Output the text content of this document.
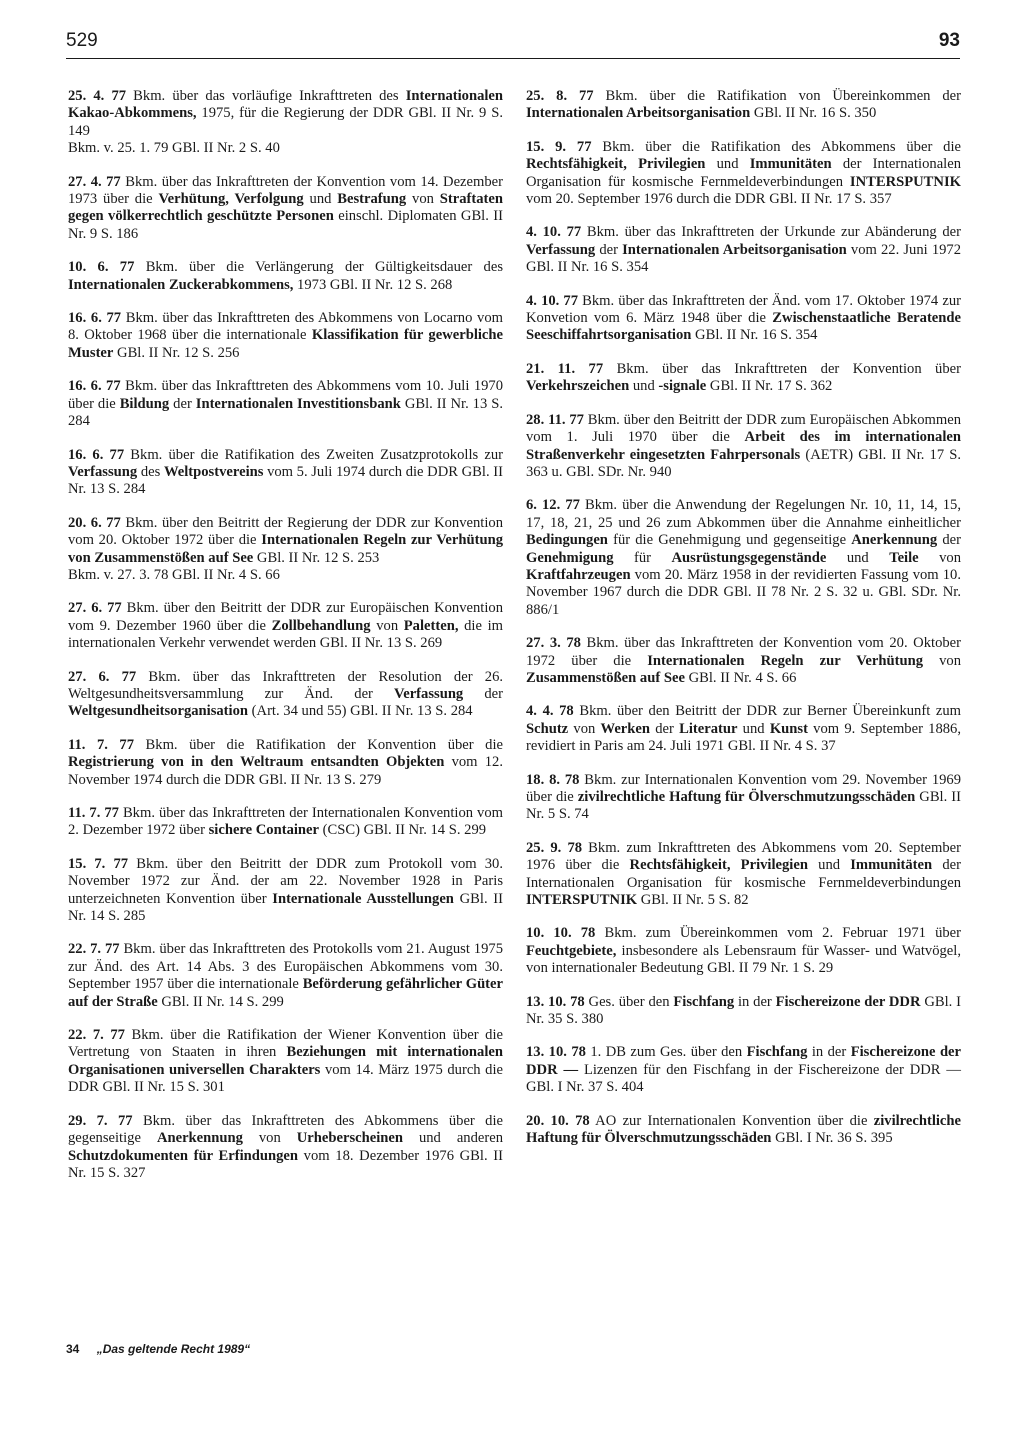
529	93

25. 4. 77 Bkm. über das vorläufige Inkrafttreten des Internationalen Kakao-Abkommens, 1975, für die Regierung der DDR GBl. II Nr. 9 S. 149
Bkm. v. 25. 1. 79 GBl. II Nr. 2 S. 40

27. 4. 77 Bkm. über das Inkrafttreten der Konvention vom 14. Dezember 1973 über die Verhütung, Verfolgung und Bestrafung von Straftaten gegen völkerrechtlich geschützte Personen einschl. Diplomaten GBl. II Nr. 9 S. 186

10. 6. 77 Bkm. über die Verlängerung der Gültigkeitsdauer des Internationalen Zuckerabkommens, 1973 GBl. II Nr. 12 S. 268

16. 6. 77 Bkm. über das Inkrafttreten des Abkommens von Locarno vom 8. Oktober 1968 über die internationale Klassifikation für gewerbliche Muster GBl. II Nr. 12 S. 256

16. 6. 77 Bkm. über das Inkrafttreten des Abkommens vom 10. Juli 1970 über die Bildung der Internationalen Investitionsbank GBl. II Nr. 13 S. 284

16. 6. 77 Bkm. über die Ratifikation des Zweiten Zusatzprotokolls zur Verfassung des Weltpostvereins vom 5. Juli 1974 durch die DDR GBl. II Nr. 13 S. 284

20. 6. 77 Bkm. über den Beitritt der Regierung der DDR zur Konvention vom 20. Oktober 1972 über die Internationalen Regeln zur Verhütung von Zusammenstößen auf See GBl. II Nr. 12 S. 253
Bkm. v. 27. 3. 78 GBl. II Nr. 4 S. 66

27. 6. 77 Bkm. über den Beitritt der DDR zur Europäischen Konvention vom 9. Dezember 1960 über die Zollbehandlung von Paletten, die im internationalen Verkehr verwendet werden GBl. II Nr. 13 S. 269

27. 6. 77 Bkm. über das Inkrafttreten der Resolution der 26. Weltgesundheitsversammlung zur Änd. der Verfassung der Weltgesundheitsorganisation (Art. 34 und 55) GBl. II Nr. 13 S. 284

11. 7. 77 Bkm. über die Ratifikation der Konvention über die Registrierung von in den Weltraum entsandten Objekten vom 12. November 1974 durch die DDR GBl. II Nr. 13 S. 279

11. 7. 77 Bkm. über das Inkrafttreten der Internationalen Konvention vom 2. Dezember 1972 über sichere Container (CSC) GBl. II Nr. 14 S. 299

15. 7. 77 Bkm. über den Beitritt der DDR zum Protokoll vom 30. November 1972 zur Änd. der am 22. November 1928 in Paris unterzeichneten Konvention über Internationale Ausstellungen GBl. II Nr. 14 S. 285

22. 7. 77 Bkm. über das Inkrafttreten des Protokolls vom 21. August 1975 zur Änd. des Art. 14 Abs. 3 des Europäischen Abkommens vom 30. September 1957 über die internationale Beförderung gefährlicher Güter auf der Straße GBl. II Nr. 14 S. 299

22. 7. 77 Bkm. über die Ratifikation der Wiener Konvention über die Vertretung von Staaten in ihren Beziehungen mit internationalen Organisationen universellen Charakters vom 14. März 1975 durch die DDR GBl. II Nr. 15 S. 301

29. 7. 77 Bkm. über das Inkrafttreten des Abkommens über die gegenseitige Anerkennung von Urheberscheinen und anderen Schutzdokumenten für Erfindungen vom 18. Dezember 1976 GBl. II Nr. 15 S. 327

25. 8. 77 Bkm. über die Ratifikation von Übereinkommen der Internationalen Arbeitsorganisation GBl. II Nr. 16 S. 350

15. 9. 77 Bkm. über die Ratifikation des Abkommens über die Rechtsfähigkeit, Privilegien und Immunitäten der Internationalen Organisation für kosmische Fernmeldeverbindungen INTERSPUTNIK vom 20. September 1976 durch die DDR GBl. II Nr. 17 S. 357

4. 10. 77 Bkm. über das Inkrafttreten der Urkunde zur Abänderung der Verfassung der Internationalen Arbeitsorganisation vom 22. Juni 1972 GBl. II Nr. 16 S. 354

4. 10. 77 Bkm. über das Inkrafttreten der Änd. vom 17. Oktober 1974 zur Konvetion vom 6. März 1948 über die Zwischenstaatliche Beratende Seeschiffahrtsorganisation GBl. II Nr. 16 S. 354

21. 11. 77 Bkm. über das Inkrafttreten der Konvention über Verkehrszeichen und -signale GBl. II Nr. 17 S. 362

28. 11. 77 Bkm. über den Beitritt der DDR zum Europäischen Abkommen vom 1. Juli 1970 über die Arbeit des im internationalen Straßenverkehr eingesetzten Fahrpersonals (AETR) GBl. II Nr. 17 S. 363 u. GBl. SDr. Nr. 940

6. 12. 77 Bkm. über die Anwendung der Regelungen Nr. 10, 11, 14, 15, 17, 18, 21, 25 und 26 zum Abkommen über die Annahme einheitlicher Bedingungen für die Genehmigung und gegenseitige Anerkennung der Genehmigung für Ausrüstungsgegenstände und Teile von Kraftfahrzeugen vom 20. März 1958 in der revidierten Fassung vom 10. November 1967 durch die DDR GBl. II 78 Nr. 2 S. 32 u. GBl. SDr. Nr. 886/1

27. 3. 78 Bkm. über das Inkrafttreten der Konvention vom 20. Oktober 1972 über die Internationalen Regeln zur Verhütung von Zusammenstößen auf See GBl. II Nr. 4 S. 66

4. 4. 78 Bkm. über den Beitritt der DDR zur Berner Übereinkunft zum Schutz von Werken der Literatur und Kunst vom 9. September 1886, revidiert in Paris am 24. Juli 1971 GBl. II Nr. 4 S. 37

18. 8. 78 Bkm. zur Internationalen Konvention vom 29. November 1969 über die zivilrechtliche Haftung für Ölverschmutzungsschäden GBl. II Nr. 5 S. 74

25. 9. 78 Bkm. zum Inkrafttreten des Abkommens vom 20. September 1976 über die Rechtsfähigkeit, Privilegien und Immunitäten der Internationalen Organisation für kosmische Fernmeldeverbindungen INTERSPUTNIK GBl. II Nr. 5 S. 82

10. 10. 78 Bkm. zum Übereinkommen vom 2. Februar 1971 über Feuchtgebiete, insbesondere als Lebensraum für Wasser- und Watvögel, von internationaler Bedeutung GBl. II 79 Nr. 1 S. 29

13. 10. 78 Ges. über den Fischfang in der Fischereizone der DDR GBl. I Nr. 35 S. 380

13. 10. 78 1. DB zum Ges. über den Fischfang in der Fischereizone der DDR — Lizenzen für den Fischfang in der Fischereizone der DDR — GBl. I Nr. 37 S. 404

20. 10. 78 AO zur Internationalen Konvention über die zivilrechtliche Haftung für Ölverschmutzungsschäden GBl. I Nr. 36 S. 395

34 „Das geltende Recht 1989“
